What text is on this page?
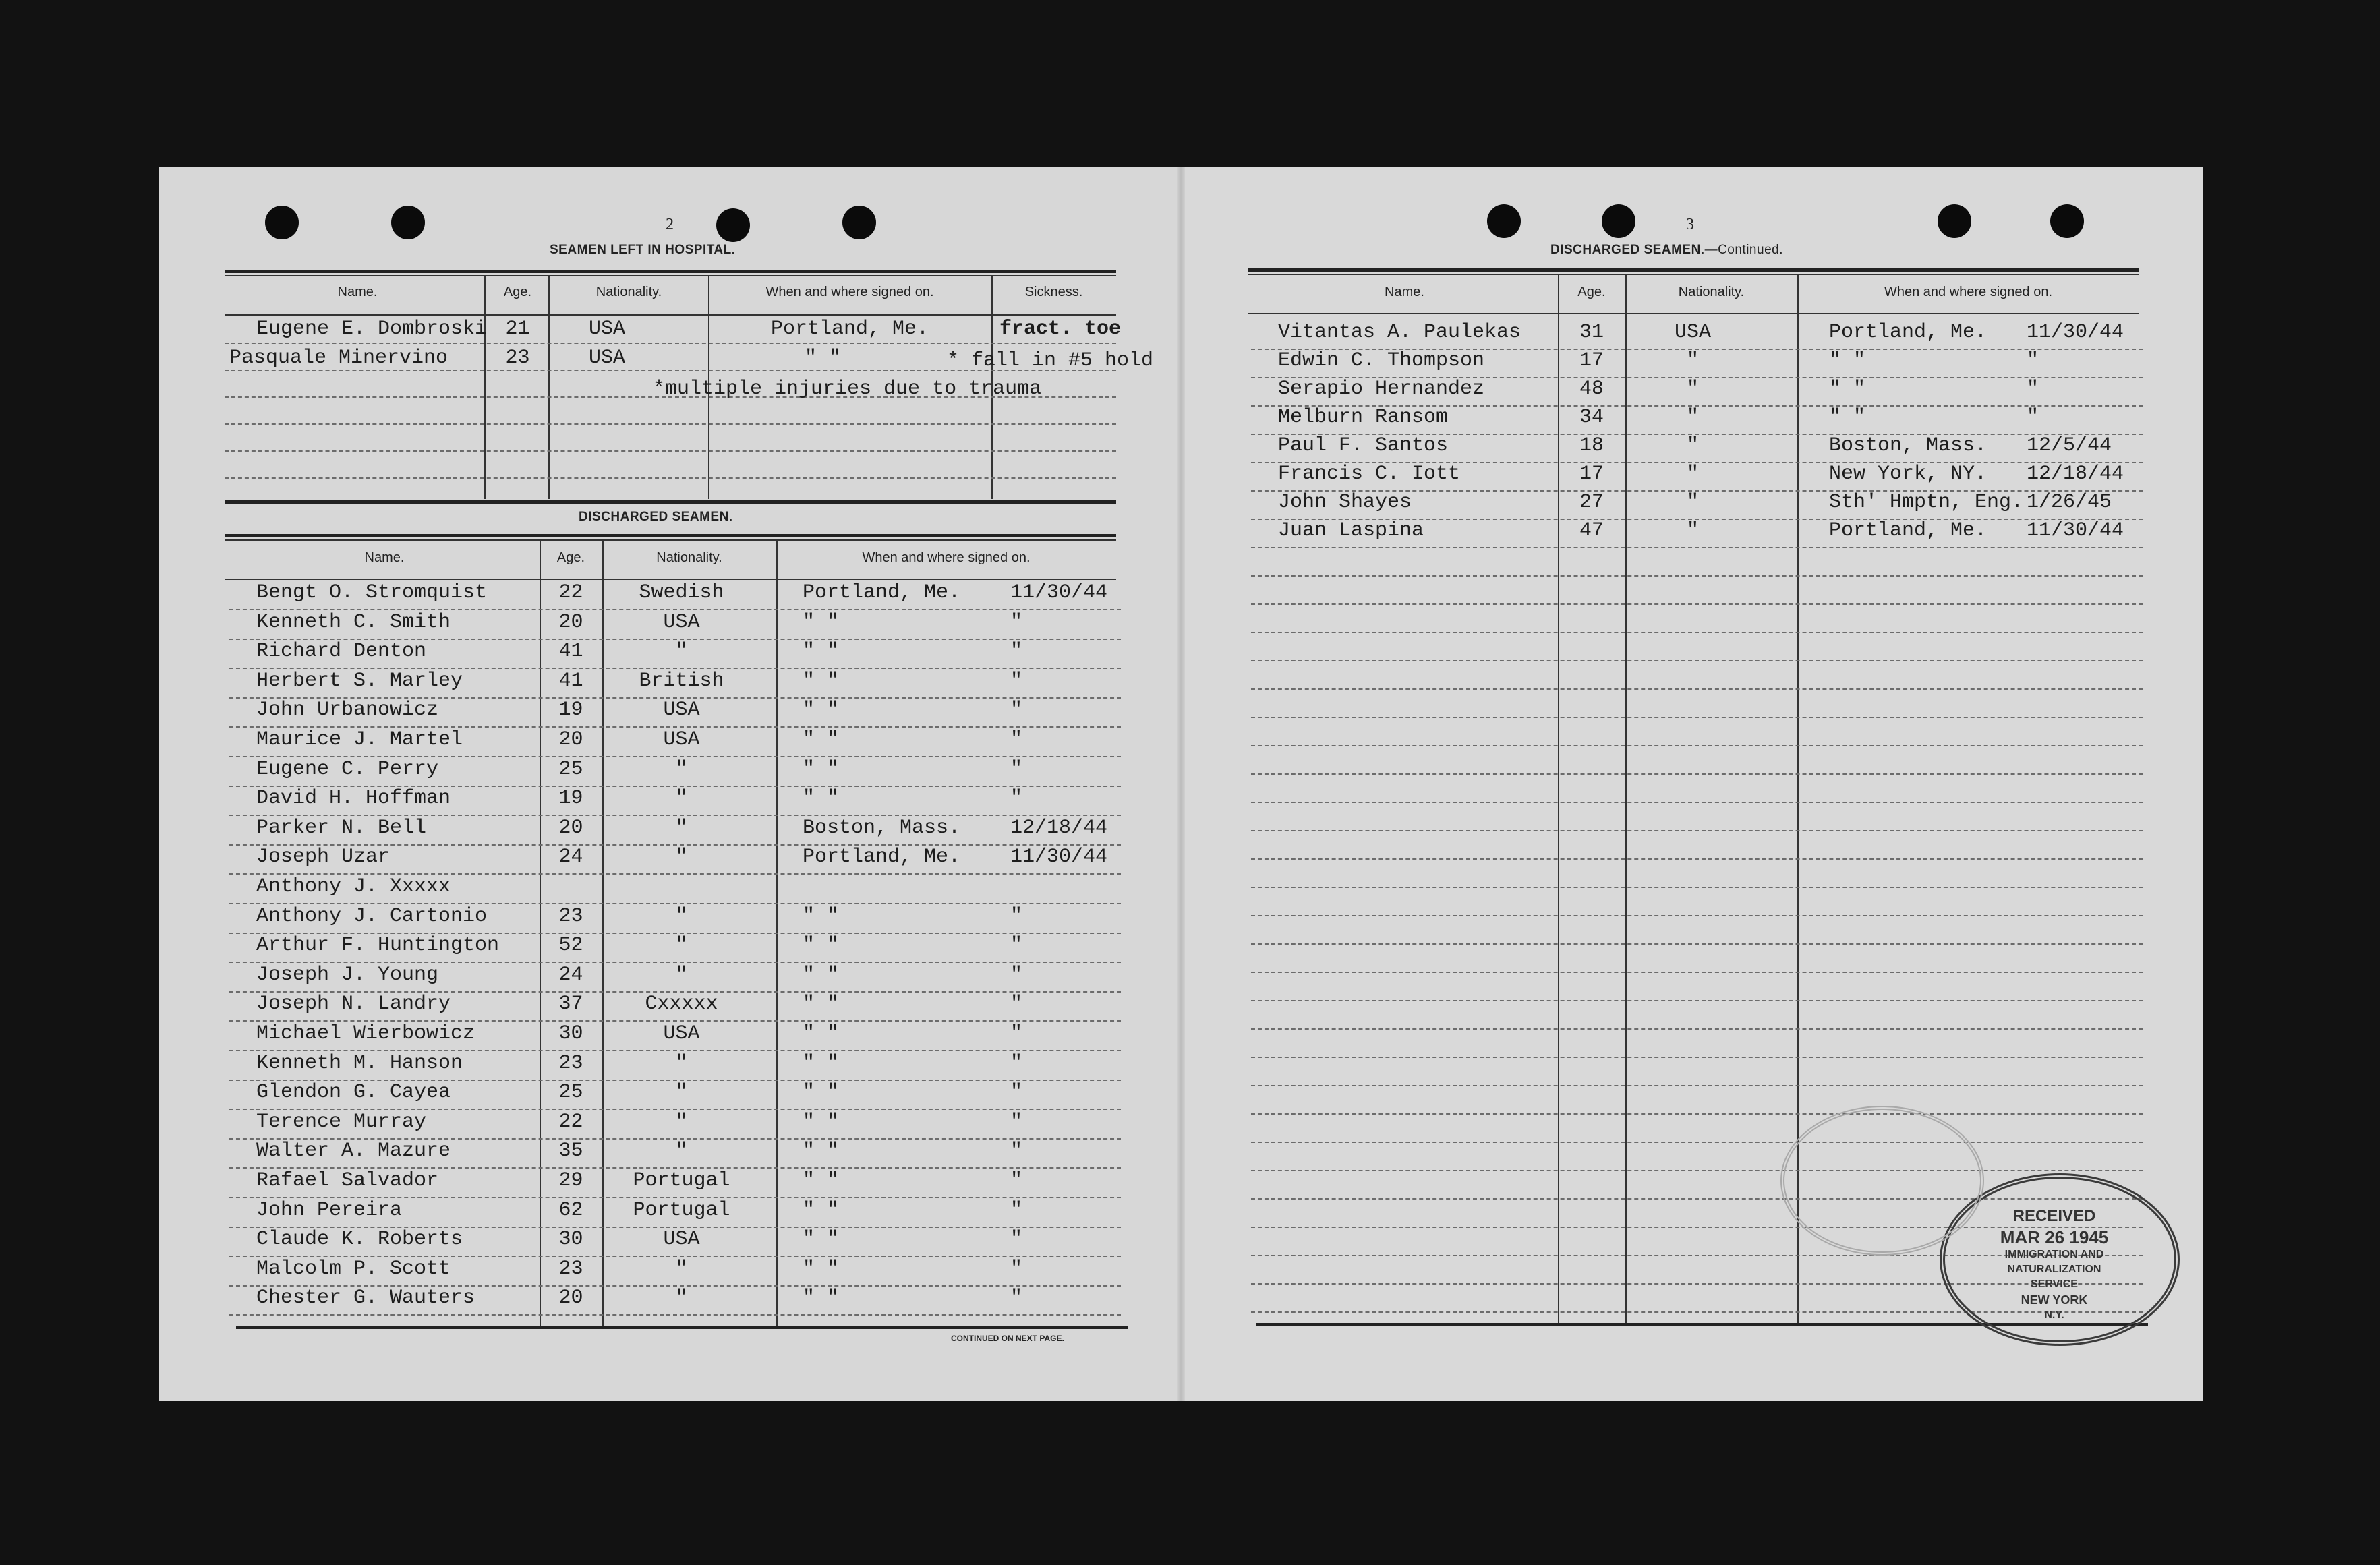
2
SEAMEN LEFT IN HOSPITAL.
Name.	Age.	Nationality.	When and where signed on.	Sickness.
Eugene E. Dombroski 21	USA	Portland, Me.	fract. toe
Pasquale Minervino	23	USA	" "	* fall in #5 hold
*multiple injuries due to trauma
DISCHARGED SEAMEN.
Name.	Age.	Nationality.	When and where signed on.
Bengt O. Stromquist	22	Swedish	Portland, Me. 11/30/44
Kenneth C. Smith	20	USA	" "	"
Richard Denton	41	"	" "	"
Herbert S. Marley	41	British	" "	"
John Urbanowicz	19	USA	" "	"
Maurice J. Martel	20	USA	" "	"
Eugene C. Perry	25	"	" "	"
David H. Hoffman	19	"	" "	"
Parker N. Bell	20	"	Boston, Mass. 12/18/44
Joseph Uzar	24	"	Portland, Me. 11/30/44
Anthony J. Xxxxx
Anthony J. Cartonio	23	"	" "	"
Arthur F. Huntington	52	"	" "	"
Joseph J. Young	24	"	" "	"
Joseph N. Landry	37	Cxxxxx	" "	"
Michael Wierbowicz	30	USA	" "	"
Kenneth M. Hanson	23	"	" "	"
Glendon G. Cayea	25	"	" "	"
Terence Murray	22	"	" "	"
Walter A. Mazure	35	"	" "	"
Rafael Salvador	29	Portugal	" "	"
John Pereira	62	Portugal	" "	"
Claude K. Roberts	30	USA	" "	"
Malcolm P. Scott	23	"	" "	"
Chester G. Wauters	20	"	" "	"
CONTINUED ON NEXT PAGE.
3
DISCHARGED SEAMEN.—Continued.
Name.	Age.	Nationality.	When and where signed on.
Vitantas A. Paulekas	31	USA	Portland, Me. 11/30/44
Edwin C. Thompson	17	"	" "	"
Serapio Hernandez	48	"	" "	"
Melburn Ransom	34	"	" "	"
Paul F. Santos	18	"	Boston, Mass. 12/5/44
Francis C. Iott	17	"	New York, NY. 12/18/44
John Shayes	27	"	Sth' Hmptn, Eng. 1/26/45
Juan Laspina	47	"	Portland, Me. 11/30/44
RECEIVED
MAR 26 1945
IMMIGRATION AND
NATURALIZATION
SERVICE
NEW YORK
N.Y.
